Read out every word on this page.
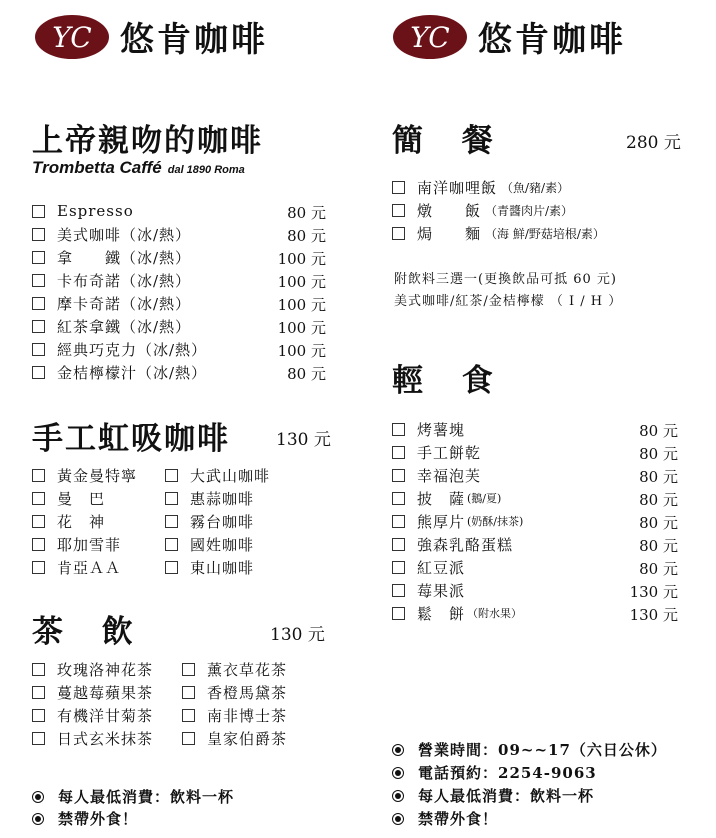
YC 悠肯咖啡
上帝親吻的咖啡
Trombetta Caffé dal 1890 Roma
Espresso	80 元
美式咖啡（冰/熱）	80 元
拿　　鐵（冰/熱）	100 元
卡布奇諾（冰/熱）	100 元
摩卡奇諾（冰/熱）	100 元
紅茶拿鐵（冰/熱）	100 元
經典巧克力（冰/熱）	100 元
金桔檸檬汁（冰/熱）	80 元
手工虹吸咖啡	130 元
黃金曼特寧
曼　巴
花　神
耶加雪菲
肯亞ＡＡ
大武山咖啡
惠蒜咖啡
霧台咖啡
國姓咖啡
東山咖啡
茶 飲	130 元
玫瑰洛神花茶
蔓越莓蘋果茶
有機洋甘菊茶
日式玄米抹茶
薰衣草花茶
香橙馬黛茶
南非博士茶
皇家伯爵茶
每人最低消費：飲料一杯
禁帶外食！
YC 悠肯咖啡
簡 餐	280 元
南洋咖哩飯 （魚/豬/素）
燉　　飯 （青醬肉片/素）
焗　　麵 （海 鮮/野菇培根/素）
附飲料三選一(更換飲品可抵 60 元)
美式咖啡/紅茶/金桔檸檬 （ I / H ）
輕 食
烤薯塊	80 元
手工餅乾	80 元
幸福泡芙	80 元
披　薩 (鵝/夏)	80 元
熊厚片 (奶酥/抹茶)	80 元
強森乳酪蛋糕	80 元
紅豆派	80 元
莓果派	130 元
鬆　餅 （附水果）	130 元
營業時間：09~~17（六日公休）
電話預約：2254-9063
每人最低消費：飲料一杯
禁帶外食！
